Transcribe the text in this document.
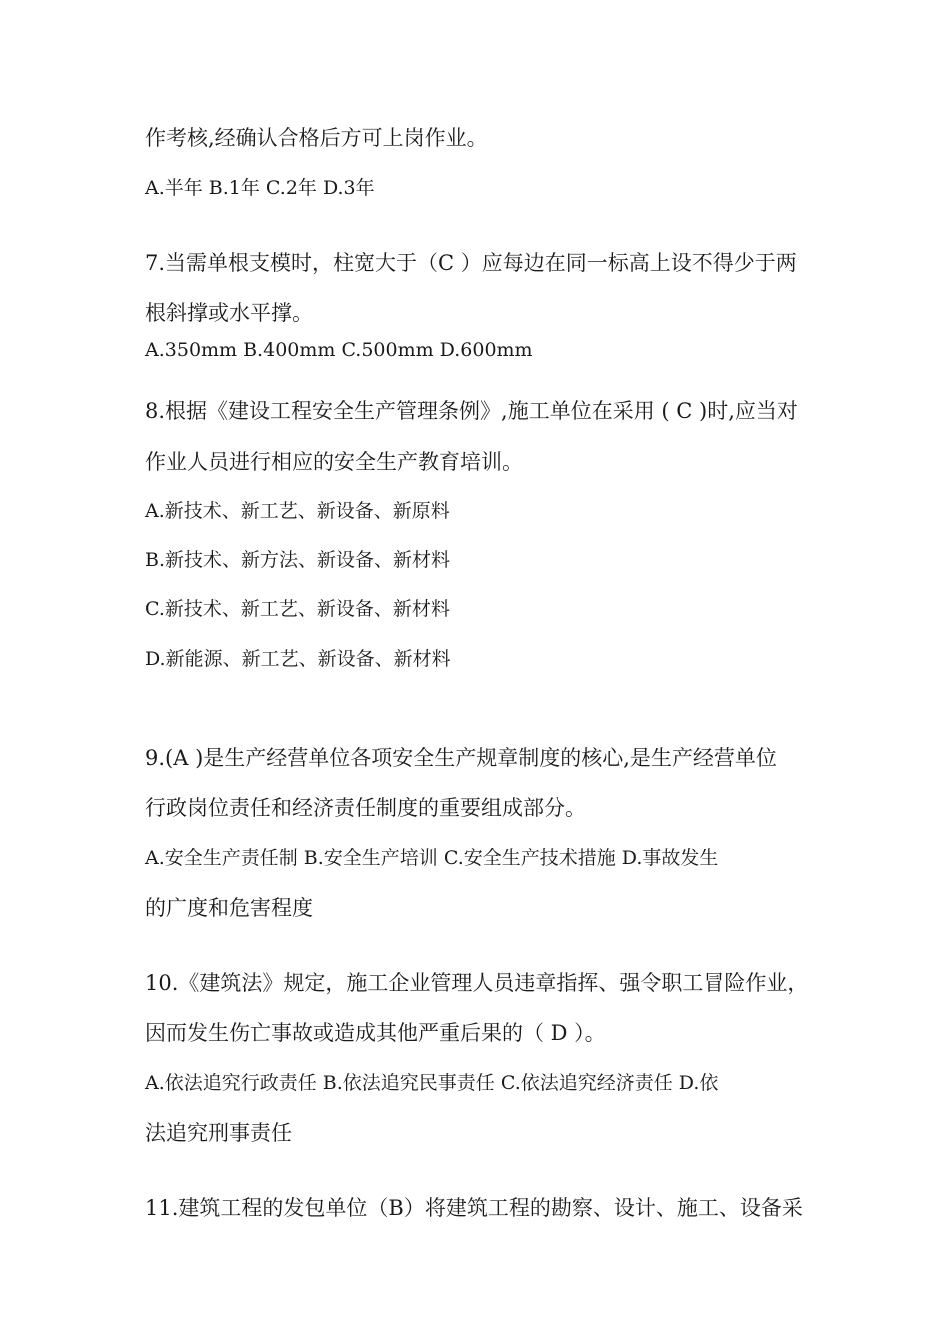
作考核,经确认合格后方可上岗作业。
A.半年 B.1年 C.2年 D.3年
7.当需单根支模时，柱宽大于（C ）应每边在同一标高上设不得少于两
根斜撑或水平撑。
A.350mm B.400mm C.500mm D.600mm
8.根据《建设工程安全生产管理条例》,施工单位在采用 ( C )时,应当对
作业人员进行相应的安全生产教育培训。
A.新技术、新工艺、新设备、新原料
B.新技术、新方法、新设备、新材料
C.新技术、新工艺、新设备、新材料
D.新能源、新工艺、新设备、新材料
9.(A )是生产经营单位各项安全生产规章制度的核心,是生产经营单位
行政岗位责任和经济责任制度的重要组成部分。
A.安全生产责任制 B.安全生产培训 C.安全生产技术措施 D.事故发生
的广度和危害程度
10.《建筑法》规定，施工企业管理人员违章指挥、强令职工冒险作业，
因而发生伤亡事故或造成其他严重后果的（ D ）。
A.依法追究行政责任 B.依法追究民事责任 C.依法追究经济责任 D.依
法追究刑事责任
11.建筑工程的发包单位（B）将建筑工程的勘察、设计、施工、设备采
